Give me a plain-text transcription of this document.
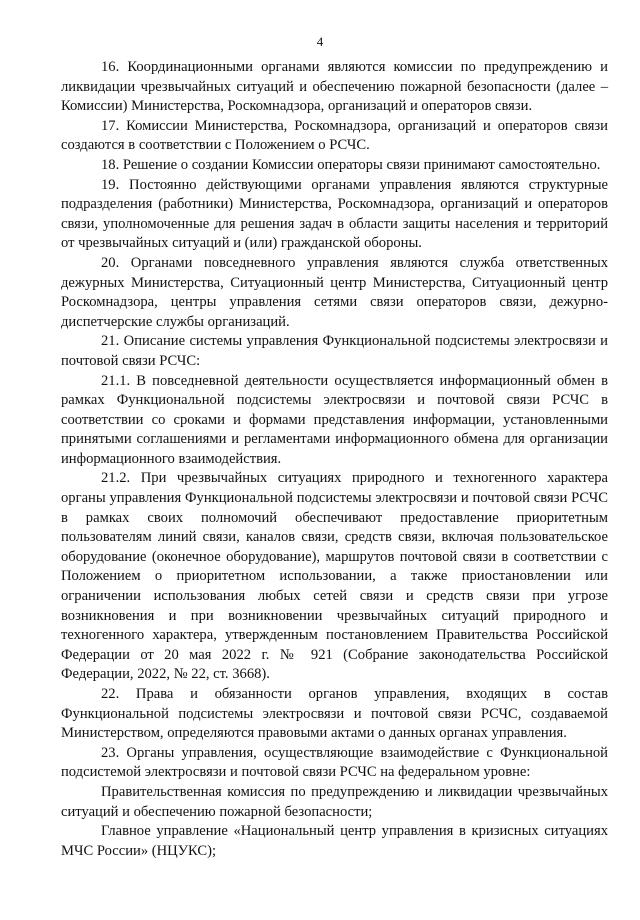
4

16. Координационными органами являются комиссии по предупреждению и ликвидации чрезвычайных ситуаций и обеспечению пожарной безопасности (далее – Комиссии) Министерства, Роскомнадзора, организаций и операторов связи.

17. Комиссии Министерства, Роскомнадзора, организаций и операторов связи создаются в соответствии с Положением о РСЧС.

18. Решение о создании Комиссии операторы связи принимают самостоятельно.

19. Постоянно действующими органами управления являются структурные подразделения (работники) Министерства, Роскомнадзора, организаций и операторов связи, уполномоченные для решения задач в области защиты населения и территорий от чрезвычайных ситуаций и (или) гражданской обороны.

20. Органами повседневного управления являются служба ответственных дежурных Министерства, Ситуационный центр Министерства, Ситуационный центр Роскомнадзора, центры управления сетями связи операторов связи, дежурно-диспетчерские службы организаций.

21. Описание системы управления Функциональной подсистемы электросвязи и почтовой связи РСЧС:

21.1. В повседневной деятельности осуществляется информационный обмен в рамках Функциональной подсистемы электросвязи и почтовой связи РСЧС в соответствии со сроками и формами представления информации, установленными принятыми соглашениями и регламентами информационного обмена для организации информационного взаимодействия.

21.2. При чрезвычайных ситуациях природного и техногенного характера органы управления Функциональной подсистемы электросвязи и почтовой связи РСЧС в рамках своих полномочий обеспечивают предоставление приоритетным пользователям линий связи, каналов связи, средств связи, включая пользовательское оборудование (оконечное оборудование), маршрутов почтовой связи в соответствии с Положением о приоритетном использовании, а также приостановлении или ограничении использования любых сетей связи и средств связи при угрозе возникновения и при возникновении чрезвычайных ситуаций природного и техногенного характера, утвержденным постановлением Правительства Российской Федерации от 20 мая 2022 г. № 921 (Собрание законодательства Российской Федерации, 2022, № 22, ст. 3668).

22. Права и обязанности органов управления, входящих в состав Функциональной подсистемы электросвязи и почтовой связи РСЧС, создаваемой Министерством, определяются правовыми актами о данных органах управления.

23. Органы управления, осуществляющие взаимодействие с Функциональной подсистемой электросвязи и почтовой связи РСЧС на федеральном уровне:

Правительственная комиссия по предупреждению и ликвидации чрезвычайных ситуаций и обеспечению пожарной безопасности;

Главное управление «Национальный центр управления в кризисных ситуациях МЧС России» (НЦУКС);
